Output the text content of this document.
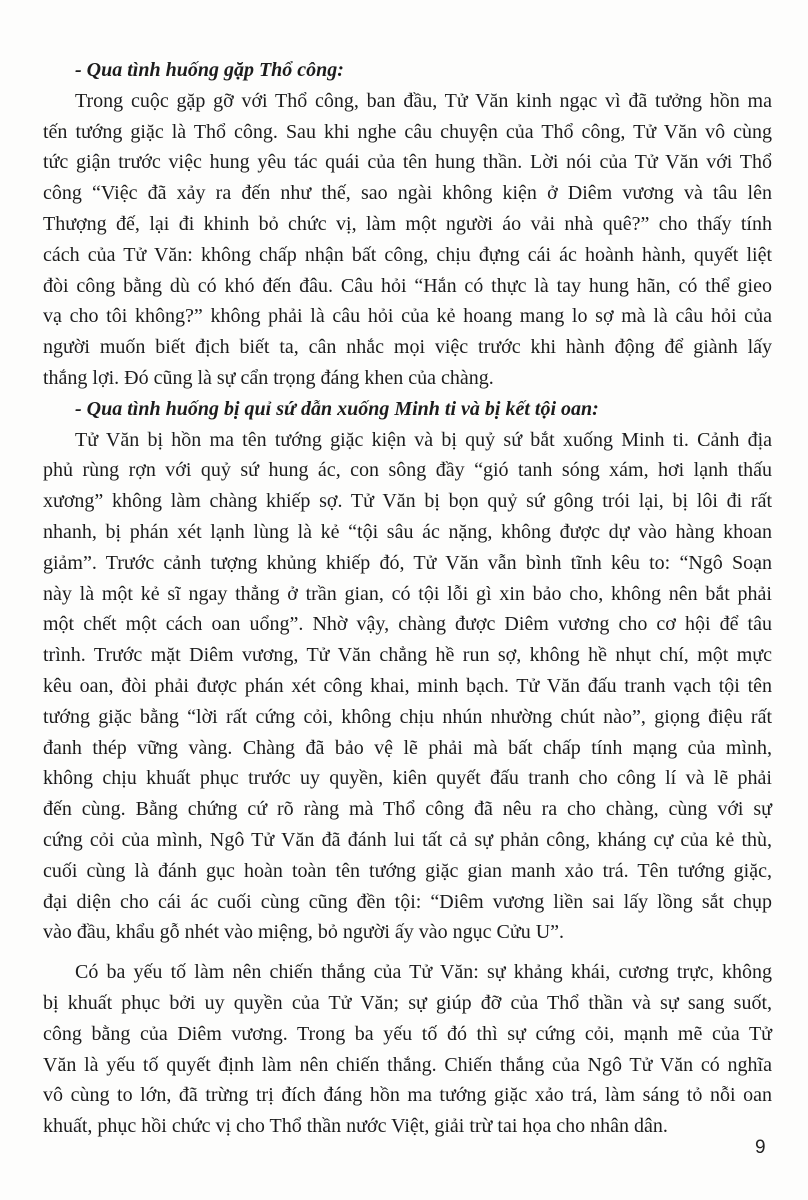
- Qua tình huống gặp Thổ công:
Trong cuộc gặp gỡ với Thổ công, ban đầu, Tử Văn kinh ngạc vì đã tưởng hồn ma
tến tướng giặc là Thổ công. Sau khi nghe câu chuyện của Thổ công, Tử Văn vô cùng
tức giận trước việc hung yêu tác quái của tên hung thần. Lời nói của Tử Văn với Thổ
công “Việc đã xảy ra đến như thế, sao ngài không kiện ở Diêm vương và tâu lên
Thượng đế, lại đi khinh bỏ chức vị, làm một người áo vải nhà quê?” cho thấy tính
cách của Tử Văn: không chấp nhận bất công, chịu đựng cái ác hoành hành, quyết liệt
đòi công bằng dù có khó đến đâu. Câu hỏi “Hắn có thực là tay hung hãn, có thể gieo
vạ cho tôi không?” không phải là câu hỏi của kẻ hoang mang lo sợ mà là câu hỏi của
người muốn biết địch biết ta, cân nhắc mọi việc trước khi hành động để giành lấy
thắng lợi. Đó cũng là sự cẩn trọng đáng khen của chàng.
- Qua tình huống bị quỉ sứ dẫn xuống Minh ti và bị kết tội oan:
Tử Văn bị hồn ma tên tướng giặc kiện và bị quỷ sứ bắt xuống Minh ti. Cảnh địa
phủ rùng rợn với quỷ sứ hung ác, con sông đầy “gió tanh sóng xám, hơi lạnh thấu
xương” không làm chàng khiếp sợ. Tử Văn bị bọn quỷ sứ gông trói lại, bị lôi đi rất
nhanh, bị phán xét lạnh lùng là kẻ “tội sâu ác nặng, không được dự vào hàng khoan
giảm”. Trước cảnh tượng khủng khiếp đó, Tử Văn vẫn bình tĩnh kêu to: “Ngô Soạn
này là một kẻ sĩ ngay thẳng ở trần gian, có tội lỗi gì xin bảo cho, không nên bắt phải
một chết một cách oan uổng”. Nhờ vậy, chàng được Diêm vương cho cơ hội để tâu
trình. Trước mặt Diêm vương, Tử Văn chẳng hề run sợ, không hề nhụt chí, một mực
kêu oan, đòi phải được phán xét công khai, minh bạch. Tử Văn đấu tranh vạch tội tên
tướng giặc bằng “lời rất cứng cỏi, không chịu nhún nhường chút nào”, giọng điệu rất
đanh thép vững vàng. Chàng đã bảo vệ lẽ phải mà bất chấp tính mạng của mình,
không chịu khuất phục trước uy quyền, kiên quyết đấu tranh cho công lí và lẽ phải
đến cùng. Bằng chứng cứ rõ ràng mà Thổ công đã nêu ra cho chàng, cùng với sự
cứng cỏi của mình, Ngô Tử Văn đã đánh lui tất cả sự phản công, kháng cự của kẻ thù,
cuối cùng là đánh gục hoàn toàn tên tướng giặc gian manh xảo trá. Tên tướng giặc,
đại diện cho cái ác cuối cùng cũng đền tội: “Diêm vương liền sai lấy lồng sắt chụp
vào đầu, khẩu gỗ nhét vào miệng, bỏ người ấy vào ngục Cửu U”.
Có ba yếu tố làm nên chiến thắng của Tử Văn: sự khảng khái, cương trực, không
bị khuất phục bởi uy quyền của Tử Văn; sự giúp đỡ của Thổ thần và sự sang suốt,
công bằng của Diêm vương. Trong ba yếu tố đó thì sự cứng cỏi, mạnh mẽ của Tử
Văn là yếu tố quyết định làm nên chiến thắng. Chiến thắng của Ngô Tử Văn có nghĩa
vô cùng to lớn, đã trừng trị đích đáng hồn ma tướng giặc xảo trá, làm sáng tỏ nỗi oan
khuất, phục hồi chức vị cho Thổ thần nước Việt, giải trừ tai họa cho nhân dân.
9
